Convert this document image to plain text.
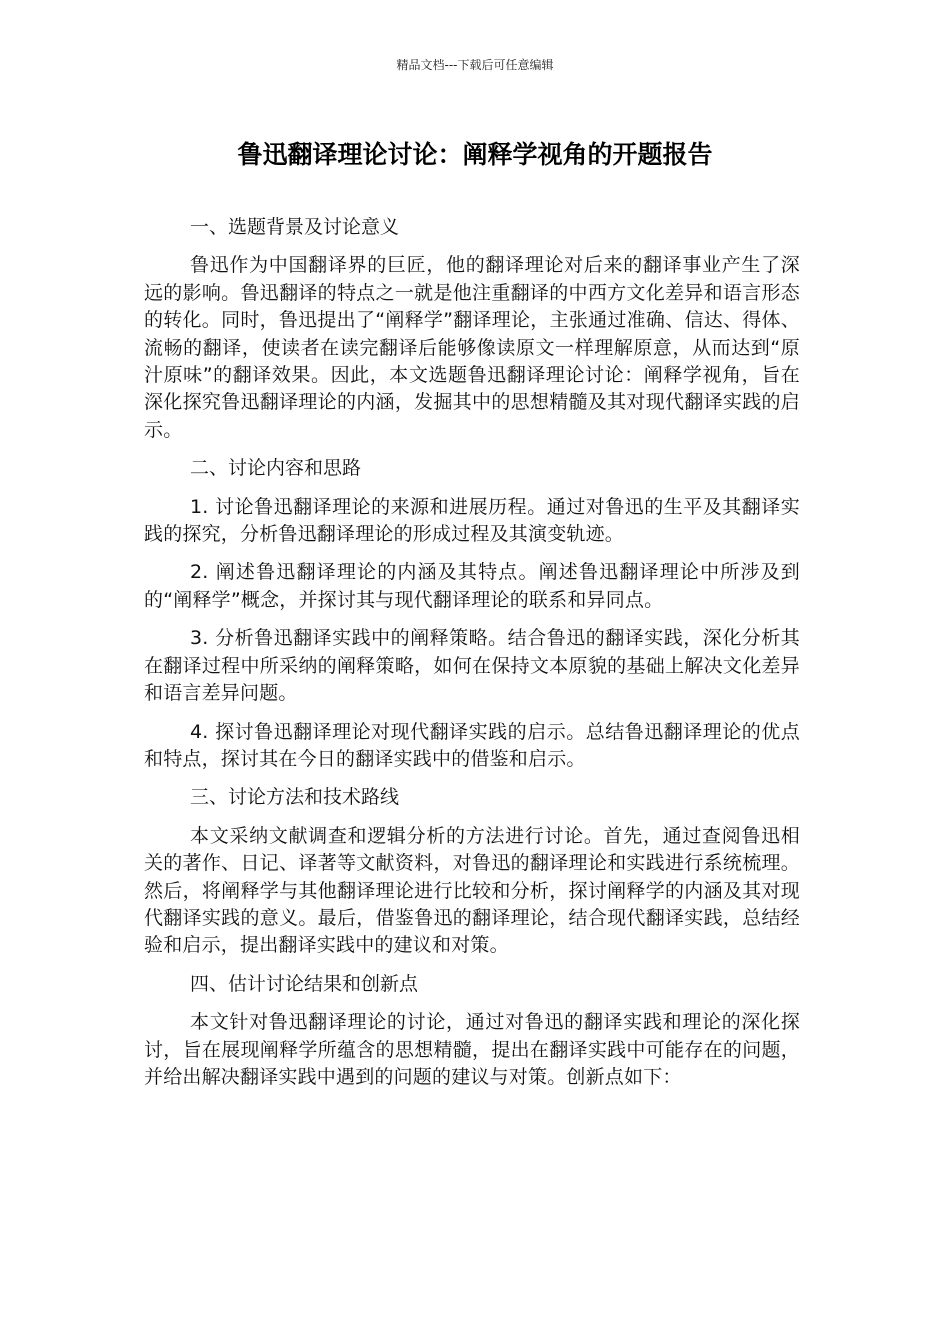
精品文档---下载后可任意编辑
鲁迅翻译理论讨论：阐释学视角的开题报告

一、选题背景及讨论意义

鲁迅作为中国翻译界的巨匠，他的翻译理论对后来的翻译事业产生了深远的影响。鲁迅翻译的特点之一就是他注重翻译的中西方文化差异和语言形态的转化。同时，鲁迅提出了“阐释学”翻译理论，主张通过准确、信达、得体、流畅的翻译，使读者在读完翻译后能够像读原文一样理解原意，从而达到“原汁原味”的翻译效果。因此，本文选题鲁迅翻译理论讨论：阐释学视角，旨在深化探究鲁迅翻译理论的内涵，发掘其中的思想精髓及其对现代翻译实践的启示。

二、讨论内容和思路

1. 讨论鲁迅翻译理论的来源和进展历程。通过对鲁迅的生平及其翻译实践的探究，分析鲁迅翻译理论的形成过程及其演变轨迹。

2. 阐述鲁迅翻译理论的内涵及其特点。阐述鲁迅翻译理论中所涉及到的“阐释学”概念，并探讨其与现代翻译理论的联系和异同点。

3. 分析鲁迅翻译实践中的阐释策略。结合鲁迅的翻译实践，深化分析其在翻译过程中所采纳的阐释策略，如何在保持文本原貌的基础上解决文化差异和语言差异问题。

4. 探讨鲁迅翻译理论对现代翻译实践的启示。总结鲁迅翻译理论的优点和特点，探讨其在今日的翻译实践中的借鉴和启示。

三、讨论方法和技术路线

本文采纳文献调查和逻辑分析的方法进行讨论。首先，通过查阅鲁迅相关的著作、日记、译著等文献资料，对鲁迅的翻译理论和实践进行系统梳理。然后，将阐释学与其他翻译理论进行比较和分析，探讨阐释学的内涵及其对现代翻译实践的意义。最后，借鉴鲁迅的翻译理论，结合现代翻译实践，总结经验和启示，提出翻译实践中的建议和对策。

四、估计讨论结果和创新点

本文针对鲁迅翻译理论的讨论，通过对鲁迅的翻译实践和理论的深化探讨，旨在展现阐释学所蕴含的思想精髓，提出在翻译实践中可能存在的问题，并给出解决翻译实践中遇到的问题的建议与对策。创新点如下：
